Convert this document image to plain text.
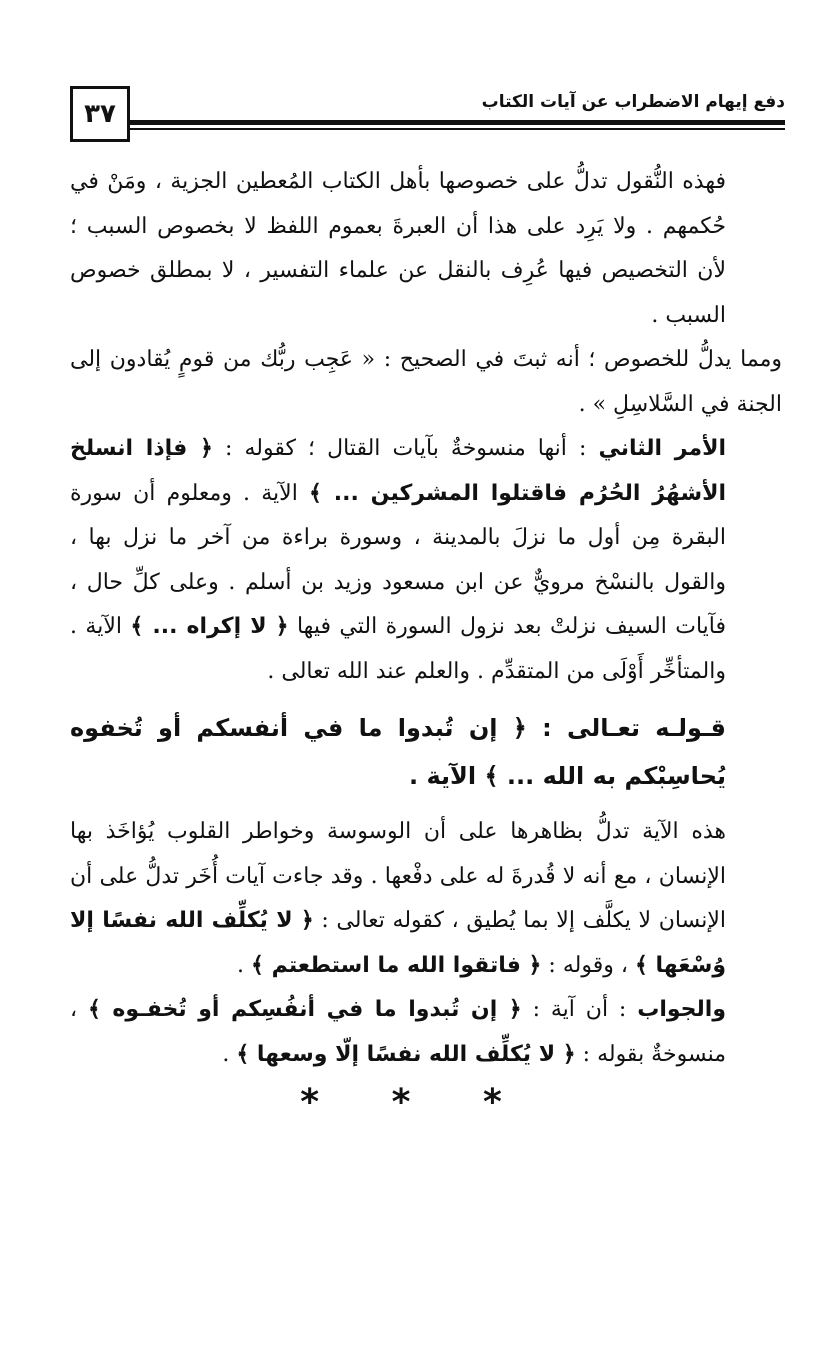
٣٧	دفع إيهام الاضطراب عن آيات الكتاب

فهذه النُّقول تدلُّ على خصوصها بأهل الكتاب المُعطين الجزية ، ومَنْ في حُكمهم . ولا يَرِد على هذا أن العبرةَ بعموم اللفظ لا بخصوص السبب ؛ لأن التخصيص فيها عُرِف بالنقل عن علماء التفسير ، لا بمطلق خصوص السبب .

ومما يدلُّ للخصوص ؛ أنه ثبتَ في الصحيح : « عَجِب ربُّك من قومٍ يُقادون إلى الجنة في السَّلاسِلِ » .

الأمر الثاني : أنها منسوخةٌ بآيات القتال ؛ كقوله : ﴿ فإذا انسلخ الأشهُرُ الحُرُم فاقتلوا المشركين ... ﴾ الآية . ومعلوم أن سورة البقرة مِن أول ما نزلَ بالمدينة ، وسورة براءة من آخر ما نزل بها ، والقول بالنسْخ مرويٌّ عن ابن مسعود وزيد بن أسلم . وعلى كلِّ حال ، فآيات السيف نزلتْ بعد نزول السورة التي فيها ﴿ لا إكراه ... ﴾ الآية . والمتأخِّر أَوْلَى من المتقدِّم . والعلم عند الله تعالى .

قـولـه تعـالى : ﴿ إن تُبدوا ما في أنفسكم أو تُخفوه يُحاسِبْكم به الله ... ﴾ الآية .

هذه الآية تدلُّ بظاهرها على أن الوسوسة وخواطر القلوب يُؤاخَذ بها الإنسان ، مع أنه لا قُدرةَ له على دفْعها . وقد جاءت آيات أُخَر تدلُّ على أن الإنسان لا يكلَّف إلا بما يُطيق ، كقوله تعالى : ﴿ لا يُكلِّف الله نفسًا إلا وُسْعَها ﴾ ، وقوله : ﴿ فاتقوا الله ما استطعتم ﴾ .

والجواب : أن آية : ﴿ إن تُبدوا ما في أنفُسِكم أو تُخفـوه ﴾ ، منسوخةٌ بقوله : ﴿ لا يُكلِّف الله نفسًا إلّا وسعها ﴾ .

* * *
